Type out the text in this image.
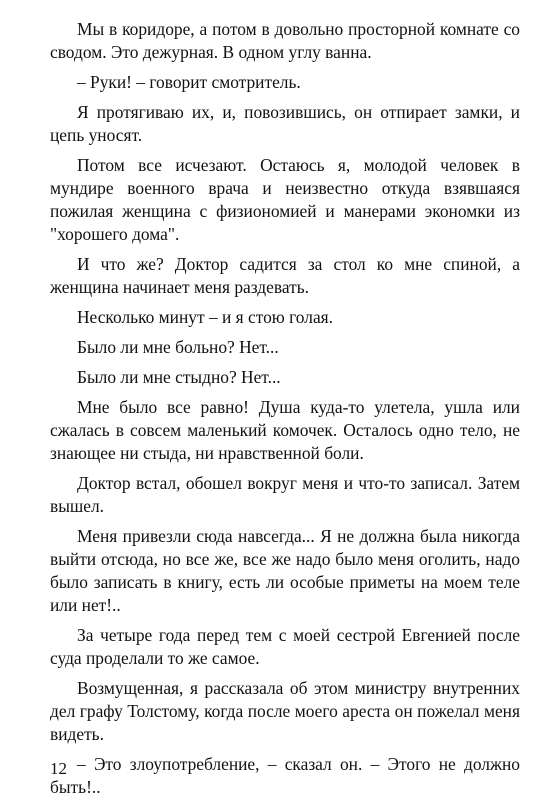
Мы в коридоре, а потом в довольно просторной комнате со сводом. Это дежурная. В одном углу ванна.

– Руки! – говорит смотритель.

Я протягиваю их, и, повозившись, он отпирает замки, и цепь уносят.

Потом все исчезают. Остаюсь я, молодой человек в мундире военного врача и неизвестно откуда взявшаяся пожилая женщина с физиономией и манерами экономки из "хорошего дома".

И что же? Доктор садится за стол ко мне спиной, а женщина начинает меня раздевать.

Несколько минут – и я стою голая.

Было ли мне больно? Нет...

Было ли мне стыдно? Нет...

Мне было все равно! Душа куда-то улетела, ушла или сжалась в совсем маленький комочек. Осталось одно тело, не знающее ни стыда, ни нравственной боли.

Доктор встал, обошел вокруг меня и что-то записал. Затем вышел.

Меня привезли сюда навсегда... Я не должна была никогда выйти отсюда, но все же, все же надо было меня оголить, надо было записать в книгу, есть ли особые приметы на моем теле или нет!..

За четыре года перед тем с моей сестрой Евгенией после суда проделали то же самое.

Возмущенная, я рассказала об этом министру внутренних дел графу Толстому, когда после моего ареста он пожелал меня видеть.

– Это злоупотребление, – сказал он. – Этого не должно быть!..

12
